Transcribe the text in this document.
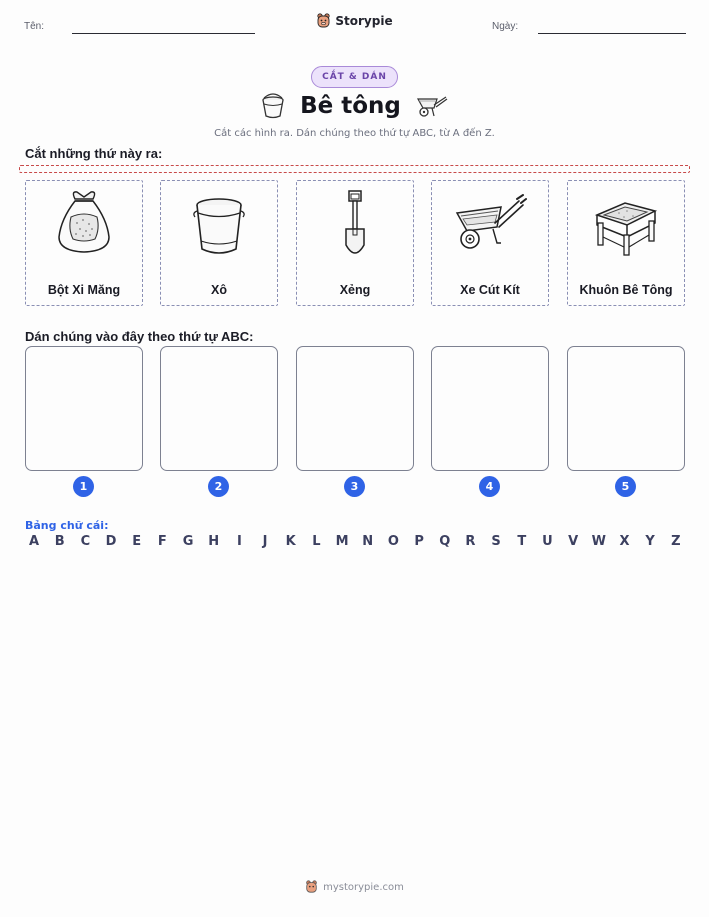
Tên:	Storypie	Ngày:
CẮT & DÁN
Bê tông
Cắt các hình ra. Dán chúng theo thứ tự ABC, từ A đến Z.
Cắt những thứ này ra:
Bột Xi Măng	Xô	Xẻng	Xe Cút Kít	Khuôn Bê Tông
Dán chúng vào đây theo thứ tự ABC:
1	2	3	4	5
Bảng chữ cái:
A	B	C	D	E	F	G H	I	J	K	L	M N O	P	Q	R	S	T	U	V	W	X	Y	Z
mystorypie.com
